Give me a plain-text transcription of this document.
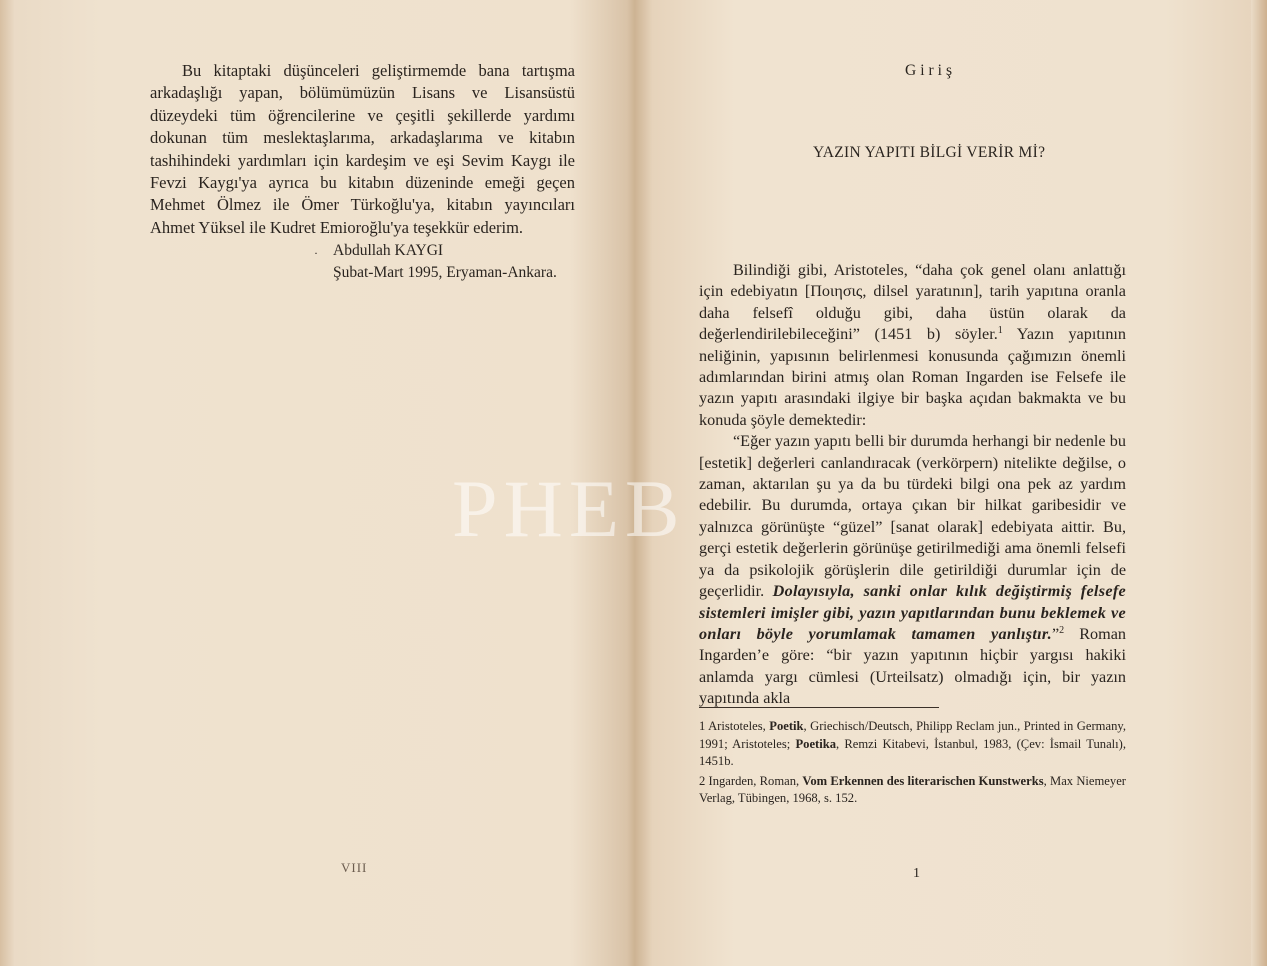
Bu kitaptaki düşünceleri geliştirmemde bana tartışma arkadaşlığı yapan, bölümümüzün Lisans ve Lisansüstü düzeydeki tüm öğrencilerine ve çeşitli şekillerde yardımı dokunan tüm meslektaşlarıma, arkadaşlarıma ve kitabın tashihindeki yardımları için kardeşim ve eşi Sevim Kaygı ile Fevzi Kaygı'ya ayrıca bu kitabın düzeninde emeği geçen Mehmet Ölmez ile Ömer Türkoğlu'ya, kitabın yayıncıları Ahmet Yüksel ile Kudret Emioroğlu'ya teşekkür ederim.

· Abdullah KAYGI
Şubat-Mart 1995, Eryaman-Ankara.
VIII
Giriş
YAZIN YAPITI BİLGİ VERİR Mİ?

Bilindiği gibi, Aristoteles, “daha çok genel olanı anlattığı için edebiyatın [Ποιησις, dilsel yaratının], tarih yapıtına oranla daha felsefî olduğu gibi, daha üstün olarak da değerlendirilebileceğini” (1451 b) söyler.$^1$ Yazın yapıtının neliğinin, yapısının belirlenmesi konusunda çağımızın önemli adımlarından birini atmış olan Roman Ingarden ise Felsefe ile yazın yapıtı arasındaki ilgiye bir başka açıdan bakmakta ve bu konuda şöyle demektedir:

“Eğer yazın yapıtı belli bir durumda herhangi bir nedenle bu [estetik] değerleri canlandıracak (verkörpern) nitelikte değilse, o zaman, aktarılan şu ya da bu türdeki bilgi ona pek az yardım edebilir. Bu durumda, ortaya çıkan bir hilkat garibesidir ve yalnızca görünüşte “güzel” [sanat olarak] edebiyata aittir. Bu, gerçi estetik değerlerin görünüşe getirilmediği ama önemli felsefi ya da psikolojik görüşlerin dile getirildiği durumlar için de geçerlidir. Dolayısıyla, sanki onlar kılık değiştirmiş felsefe sistemleri imişler gibi, yazın yapıtlarından bunu beklemek ve onları böyle yorumlamak tamamen yanlıştır.”$^2$ Roman Ingarden’e göre: “bir yazın yapıtının hiçbir yargısı hakiki anlamda yargı cümlesi (Urteilsatz) olmadığı için, bir yazın yapıtında akla

1 Aristoteles, Poetik, Griechisch/Deutsch, Philipp Reclam jun., Printed in Germany, 1991; Aristoteles; Poetika, Remzi Kitabevi, İstanbul, 1983, (Çev: İsmail Tunalı), 1451b.

2 Ingarden, Roman, Vom Erkennen des literarischen Kunstwerks, Max Niemeyer Verlag, Tübingen, 1968, s. 152.

1
PHEB
